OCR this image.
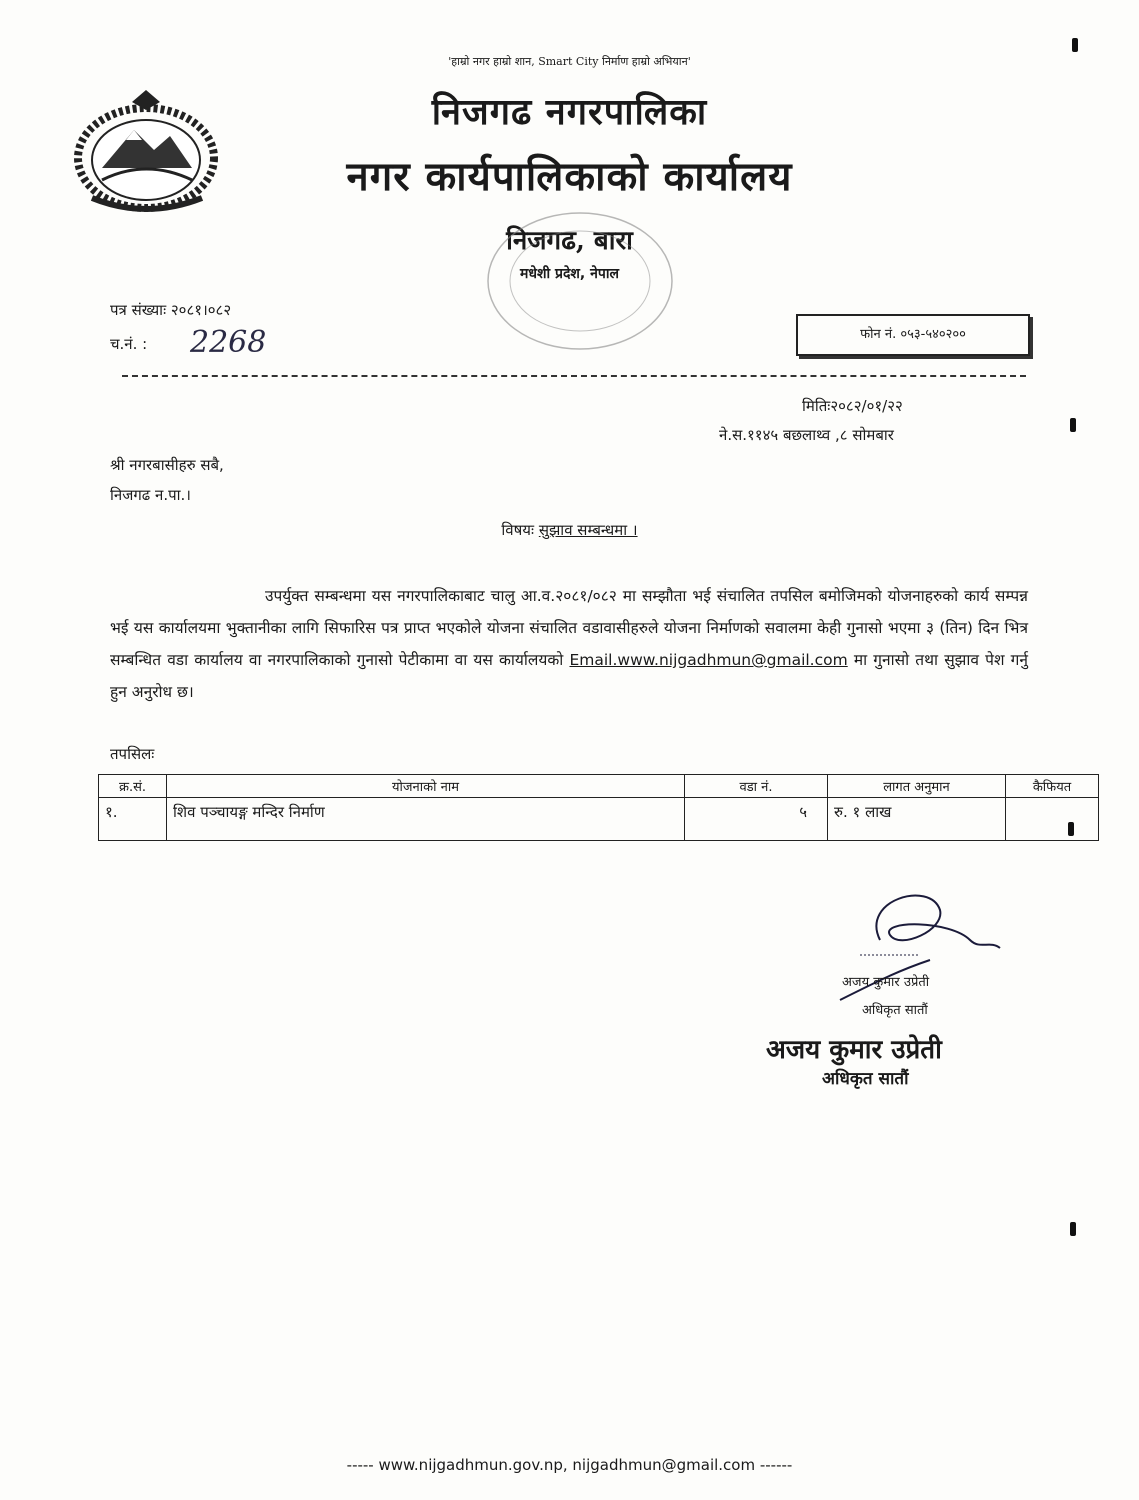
'हाम्रो नगर हाम्रो शान, Smart City निर्माण हाम्रो अभियान'
निजगढ नगरपालिका
नगर कार्यपालिकाको कार्यालय
निजगढ, बारा
मधेशी प्रदेश, नेपाल
पत्र संख्याः २०८१।०८२
च.नं. : 2268	फोन नं. ०५३-५४०२००
मितिः२०८२/०१/२२
ने.स.११४५ बछलाथ्व ,८ सोमबार
श्री नगरबासीहरु सबै,
निजगढ न.पा.।
विषयः सुझाव सम्बन्धमा ।
उपर्युक्त सम्बन्धमा यस नगरपालिकाबाट चालु आ.व.२०८१/०८२ मा सम्झौता भई संचालित तपसिल बमोजिमको योजनाहरुको कार्य सम्पन्न भई यस कार्यालयमा भुक्तानीका लागि सिफारिस पत्र प्राप्त भएकोले योजना संचालित वडावासीहरुले योजना निर्माणको सवालमा केही गुनासो भएमा ३ (तिन) दिन भित्र सम्बन्धित वडा कार्यालय वा नगरपालिकाको गुनासो पेटीकामा वा यस कार्यालयको Email.www.nijgadhmun@gmail.com मा गुनासो तथा सुझाव पेश गर्नु हुन अनुरोध छ।
तपसिलः
क्र.सं.	योजनाको नाम	वडा नं.	लागत अनुमान	कैफियत
१.	शिव पञ्चायङ्ग मन्दिर निर्माण	५	रु. १ लाख	
अजय कुमार उप्रेती
अधिकृत सातौं
अजय कुमार उप्रेती
अधिकृत सातौं
----- www.nijgadhmun.gov.np, nijgadhmun@gmail.com ------
